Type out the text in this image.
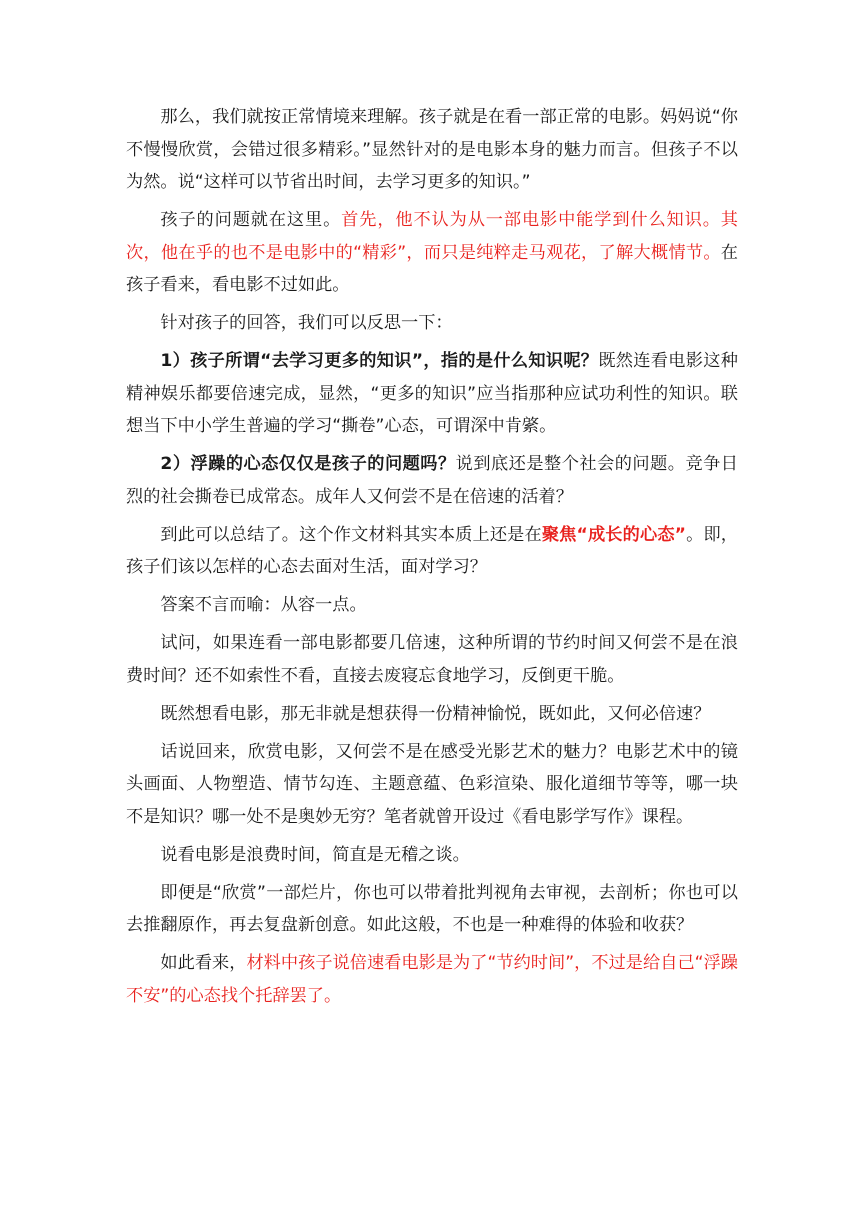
那么，我们就按正常情境来理解。孩子就是在看一部正常的电影。妈妈说“你不慢慢欣赏，会错过很多精彩。”显然针对的是电影本身的魅力而言。但孩子不以为然。说“这样可以节省出时间，去学习更多的知识。”

孩子的问题就在这里。首先，他不认为从一部电影中能学到什么知识。其次，他在乎的也不是电影中的“精彩”，而只是纯粹走马观花，了解大概情节。在孩子看来，看电影不过如此。

针对孩子的回答，我们可以反思一下：

1）孩子所谓“去学习更多的知识”，指的是什么知识呢？既然连看电影这种精神娱乐都要倍速完成，显然，“更多的知识”应当指那种应试功利性的知识。联想当下中小学生普遍的学习“撕卷”心态，可谓深中肯綮。

2）浮躁的心态仅仅是孩子的问题吗？说到底还是整个社会的问题。竞争日烈的社会撕卷已成常态。成年人又何尝不是在倍速的活着？

到此可以总结了。这个作文材料其实本质上还是在聚焦“成长的心态”。即，孩子们该以怎样的心态去面对生活，面对学习？

答案不言而喻：从容一点。

试问，如果连看一部电影都要几倍速，这种所谓的节约时间又何尝不是在浪费时间？还不如索性不看，直接去废寝忘食地学习，反倒更干脆。

既然想看电影，那无非就是想获得一份精神愉悦，既如此，又何必倍速？

话说回来，欣赏电影，又何尝不是在感受光影艺术的魅力？电影艺术中的镜头画面、人物塑造、情节勾连、主题意蕴、色彩渲染、服化道细节等等，哪一块不是知识？哪一处不是奥妙无穷？笔者就曾开设过《看电影学写作》课程。

说看电影是浪费时间，简直是无稽之谈。

即便是“欣赏”一部烂片，你也可以带着批判视角去审视，去剖析；你也可以去推翻原作，再去复盘新创意。如此这般，不也是一种难得的体验和收获？

如此看来，材料中孩子说倍速看电影是为了“节约时间”，不过是给自己“浮躁不安”的心态找个托辞罢了。
